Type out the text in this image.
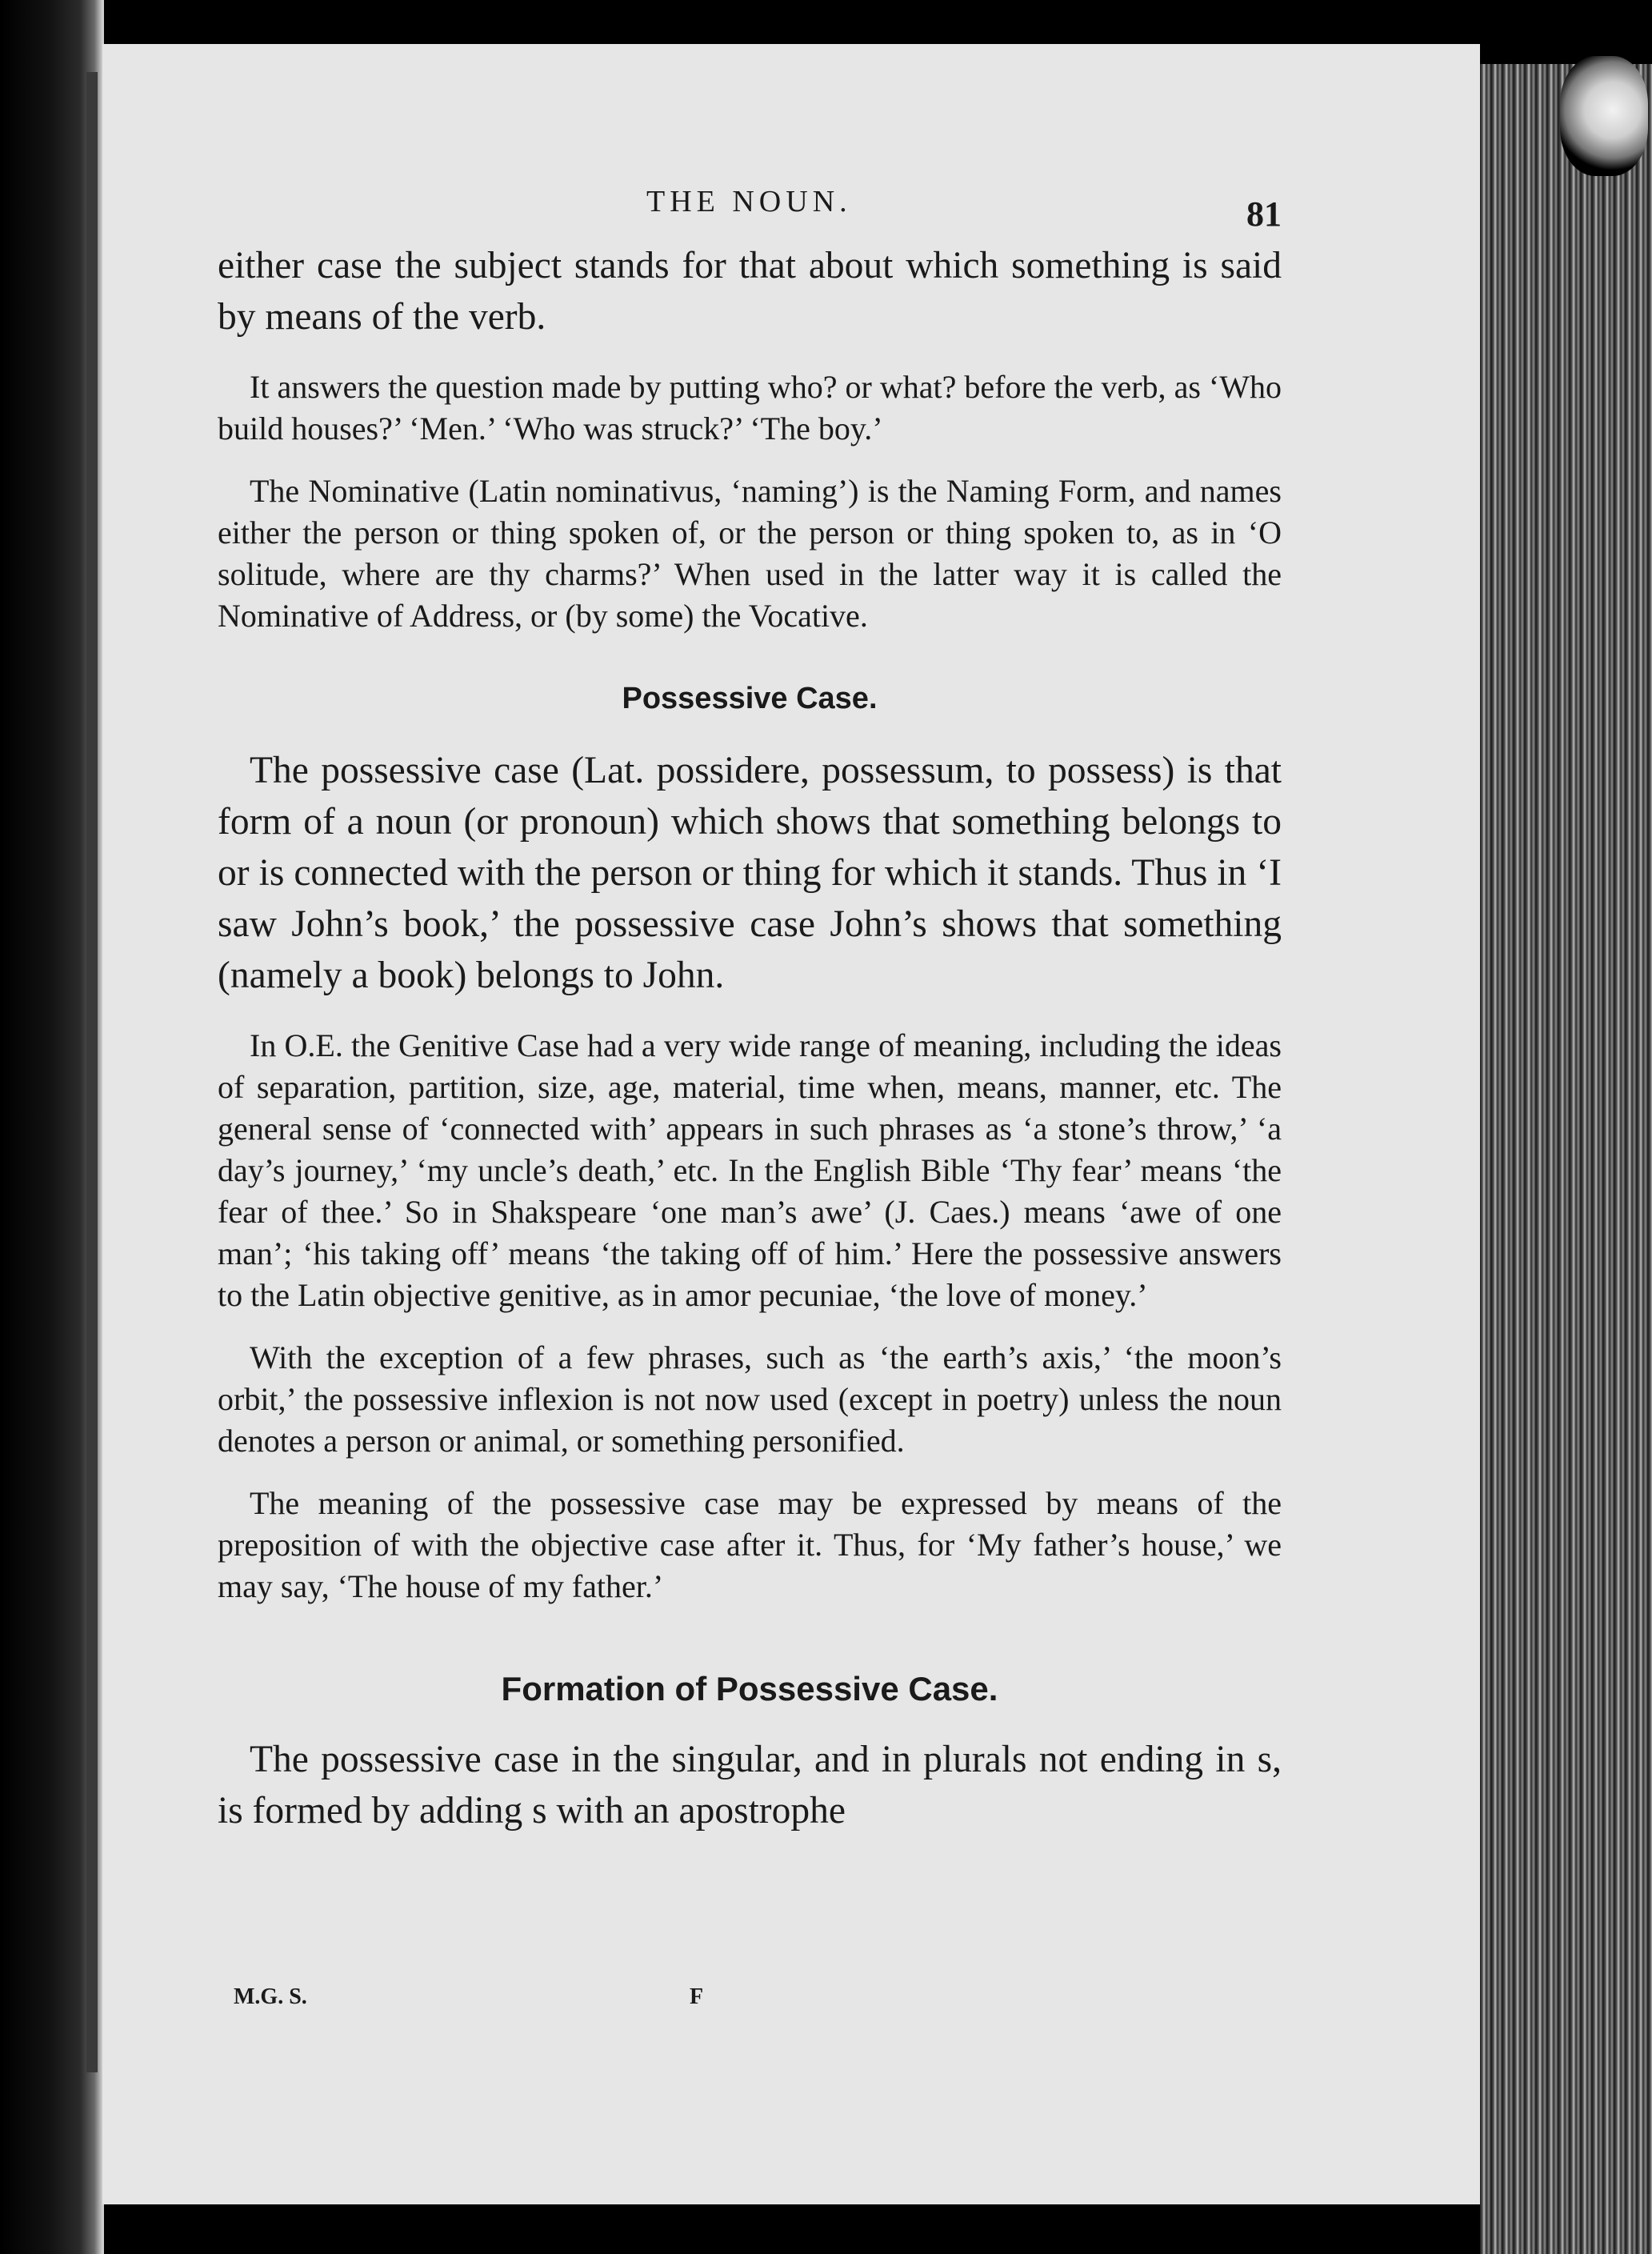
THE NOUN.	81

either case the subject stands for that about which something is said by means of the verb.

It answers the question made by putting who? or what? before the verb, as ‘Who build houses?’ ‘Men.’ ‘Who was struck?’ ‘The boy.’

The Nominative (Latin nominativus, ‘naming’) is the Naming Form, and names either the person or thing spoken of, or the person or thing spoken to, as in ‘O solitude, where are thy charms?’ When used in the latter way it is called the Nominative of Address, or (by some) the Vocative.

Possessive Case.

The possessive case (Lat. possidere, possessum, to possess) is that form of a noun (or pronoun) which shows that something belongs to or is connected with the person or thing for which it stands. Thus in ‘I saw John’s book,’ the possessive case John’s shows that something (namely a book) belongs to John.

In O.E. the Genitive Case had a very wide range of meaning, including the ideas of separation, partition, size, age, material, time when, means, manner, etc. The general sense of ‘connected with’ appears in such phrases as ‘a stone’s throw,’ ‘a day’s journey,’ ‘my uncle’s death,’ etc. In the English Bible ‘Thy fear’ means ‘the fear of thee.’ So in Shakspeare ‘one man’s awe’ (J. Caes.) means ‘awe of one man’; ‘his taking off’ means ‘the taking off of him.’ Here the possessive answers to the Latin objective genitive, as in amor pecuniae, ‘the love of money.’

With the exception of a few phrases, such as ‘the earth’s axis,’ ‘the moon’s orbit,’ the possessive inflexion is not now used (except in poetry) unless the noun denotes a person or animal, or something personified.

The meaning of the possessive case may be expressed by means of the preposition of with the objective case after it. Thus, for ‘My father’s house,’ we may say, ‘The house of my father.’

Formation of Possessive Case.

The possessive case in the singular, and in plurals not ending in s, is formed by adding s with an apostrophe

M.G. S.	F
